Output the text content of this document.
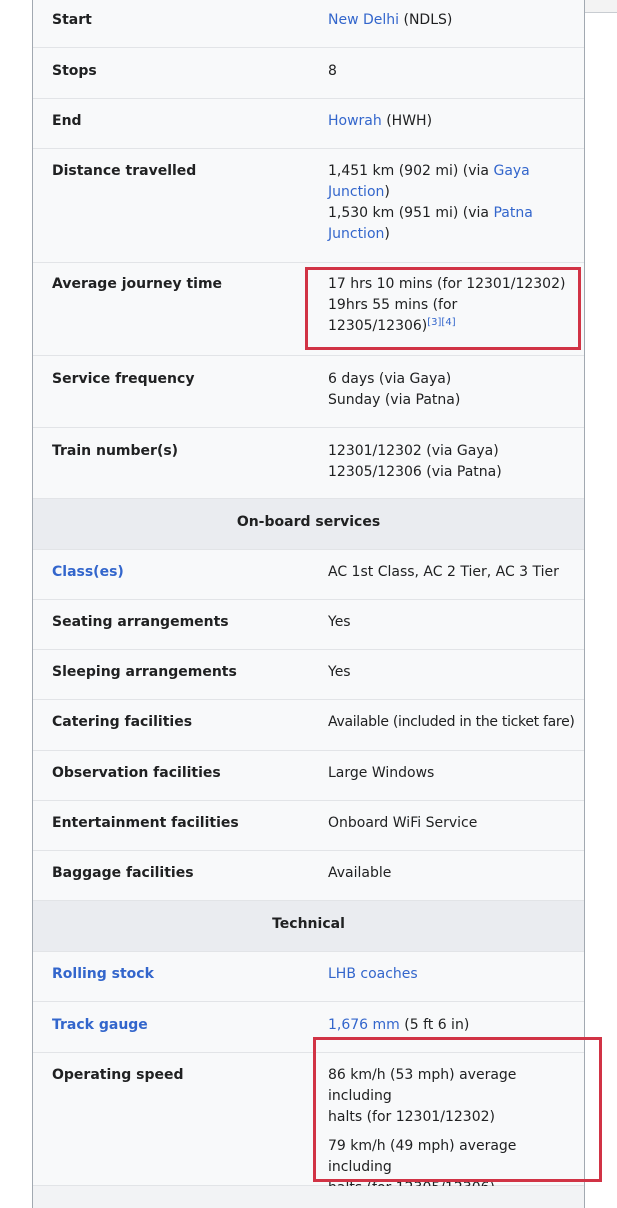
Start	New Delhi (NDLS)
Stops	8
End	Howrah (HWH)
Distance travelled	1,451 km (902 mi) (via Gaya Junction)
1,530 km (951 mi) (via Patna Junction)
Average journey time	17 hrs 10 mins (for 12301/12302)
19hrs 55 mins (for
12305/12306)[3][4]
Service frequency	6 days (via Gaya)
Sunday (via Patna)
Train number(s)	12301/12302 (via Gaya)
12305/12306 (via Patna)
On-board services
Class(es)	AC 1st Class, AC 2 Tier, AC 3 Tier
Seating arrangements	Yes
Sleeping arrangements	Yes
Catering facilities	Available (included in the ticket fare)
Observation facilities	Large Windows
Entertainment facilities	Onboard WiFi Service
Baggage facilities	Available
Technical
Rolling stock	LHB coaches
Track gauge	1,676 mm (5 ft 6 in)
Operating speed	86 km/h (53 mph) average including
halts (for 12301/12302)
79 km/h (49 mph) average including
